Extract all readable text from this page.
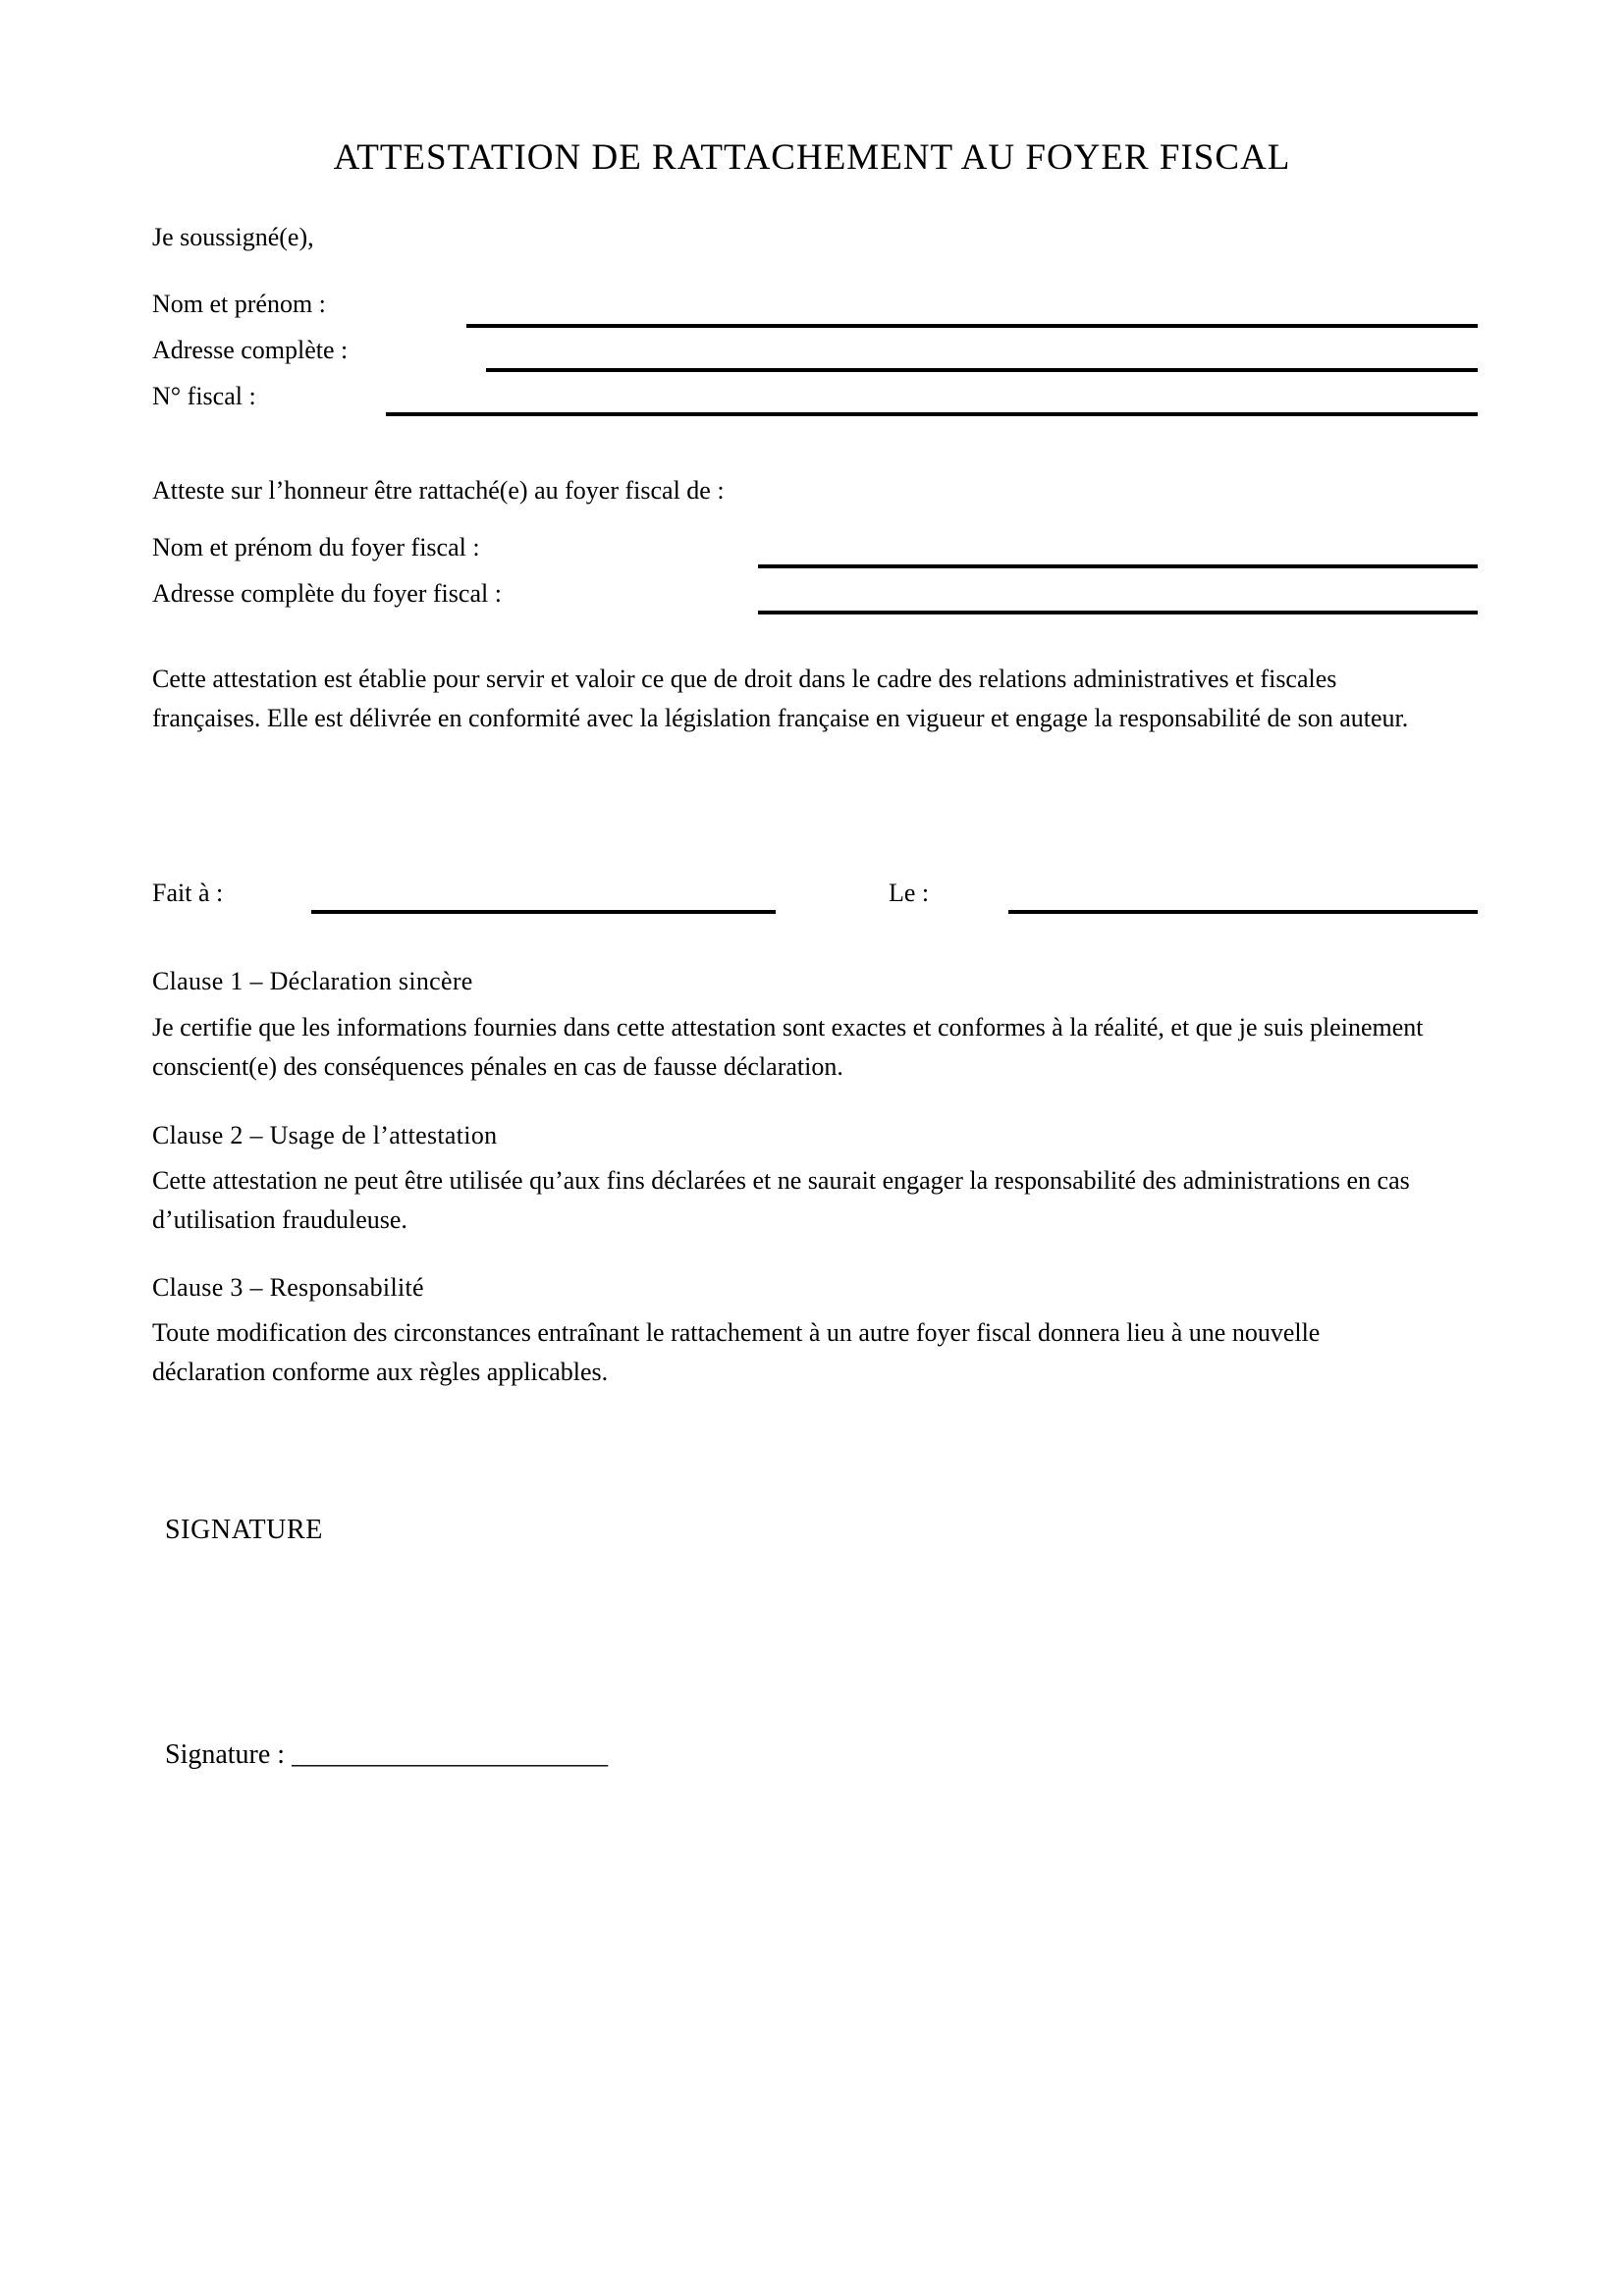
ATTESTATION DE RATTACHEMENT AU FOYER FISCAL
Je soussigné(e),
Nom et prénom :
Adresse complète :
N° fiscal :
Atteste sur l’honneur être rattaché(e) au foyer fiscal de :
Nom et prénom du foyer fiscal :
Adresse complète du foyer fiscal :
Cette attestation est établie pour servir et valoir ce que de droit dans le cadre des relations administratives et fiscales françaises. Elle est délivrée en conformité avec la législation française en vigueur et engage la responsabilité de son auteur.
Fait à :	Le :
Clause 1 – Déclaration sincère
Je certifie que les informations fournies dans cette attestation sont exactes et conformes à la réalité, et que je suis pleinement conscient(e) des conséquences pénales en cas de fausse déclaration.
Clause 2 – Usage de l’attestation
Cette attestation ne peut être utilisée qu’aux fins déclarées et ne saurait engager la responsabilité des administrations en cas d’utilisation frauduleuse.
Clause 3 – Responsabilité
Toute modification des circonstances entraînant le rattachement à un autre foyer fiscal donnera lieu à une nouvelle déclaration conforme aux règles applicables.
SIGNATURE
Signature : _______________________
